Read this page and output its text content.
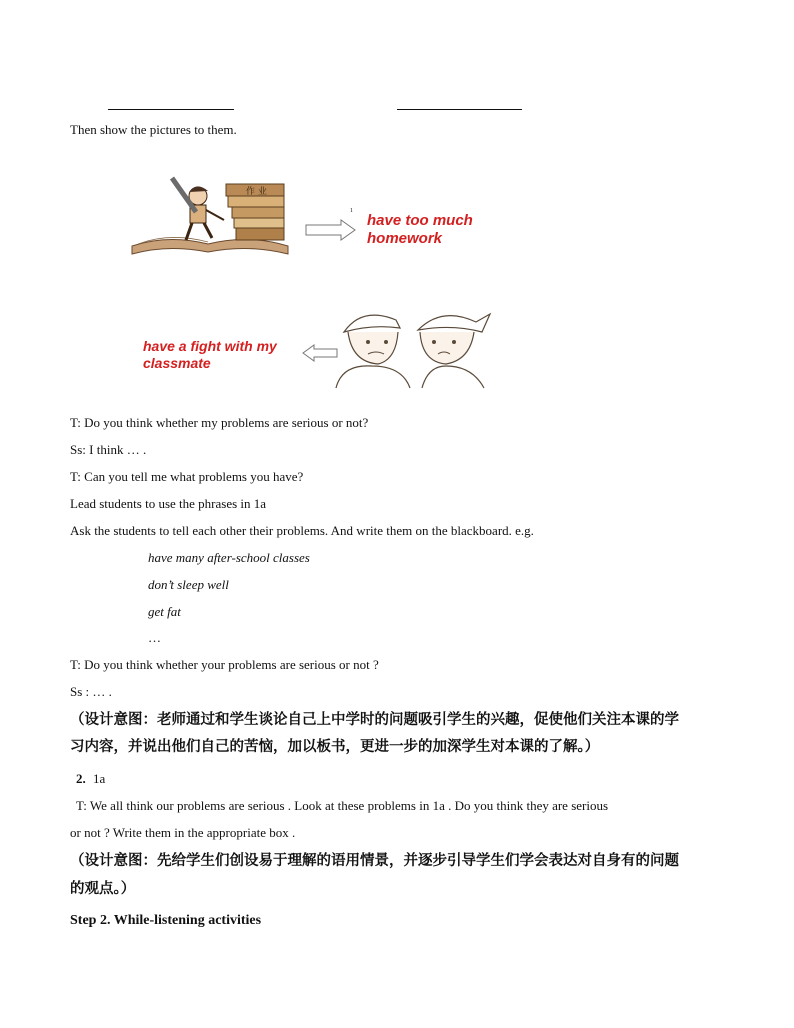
Then show the pictures to them.
作 业
1
have too much
homework
have a fight with my
classmate
T: Do you think whether my problems are serious or not?
Ss: I think … .
T: Can you tell me what problems you have?
Lead students to use the phrases in 1a
Ask the students to tell each other their problems. And write them on the blackboard. e.g.
have many after-school classes
don’t sleep well
get fat
…
T: Do you think whether your problems are serious or not ?
Ss : … .
（设计意图：老师通过和学生谈论自己上中学时的问题吸引学生的兴趣，促使他们关注本课的学
习内容，并说出他们自己的苦恼，加以板书，更进一步的加深学生对本课的了解。）
2. 1a
T: We all think our problems are serious . Look at these problems in 1a . Do you think they are serious
or not ? Write them in the appropriate box .
（设计意图：先给学生们创设易于理解的语用情景，并逐步引导学生们学会表达对自身有的问题
的观点。）
Step 2. While-listening activities
